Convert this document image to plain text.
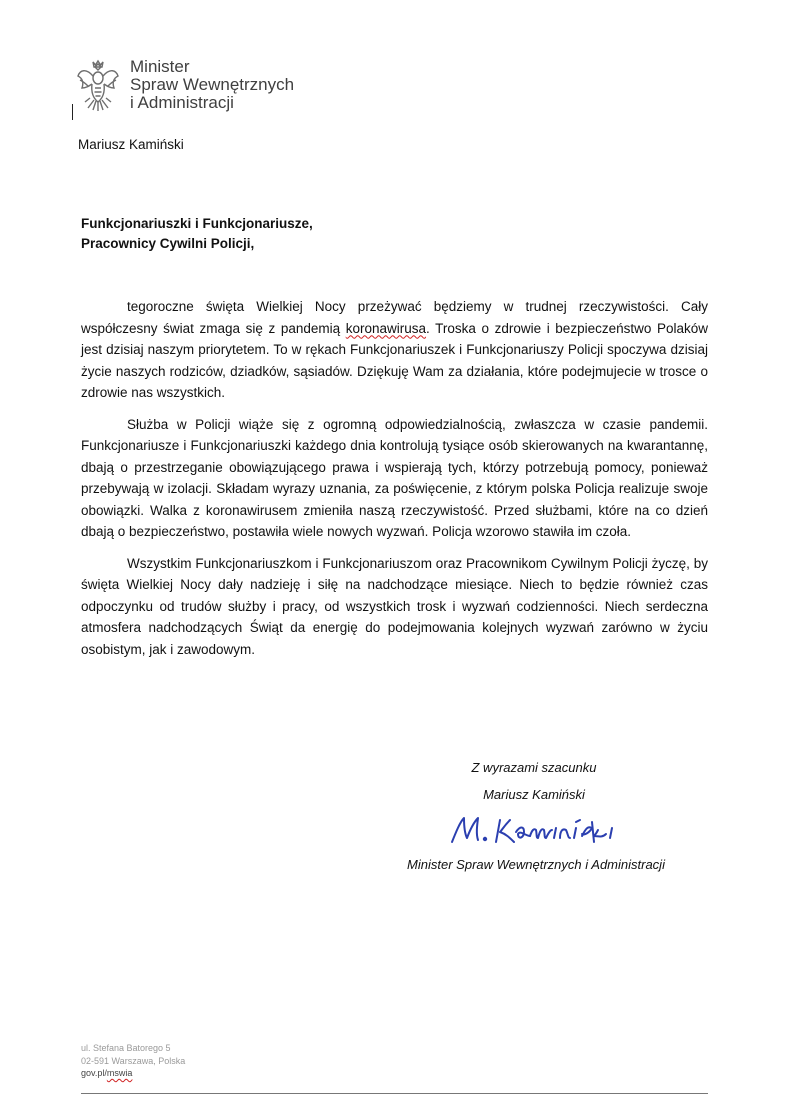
Minister
Spraw Wewnętrznych
i Administracji
Mariusz Kamiński
Funkcjonariuszki i Funkcjonariusze,
Pracownicy Cywilni Policji,

tegoroczne święta Wielkiej Nocy przeżywać będziemy w trudnej rzeczywistości. Cały współczesny świat zmaga się z pandemią koronawirusa. Troska o zdrowie i bezpieczeństwo Polaków jest dzisiaj naszym priorytetem. To w rękach Funkcjonariuszek i Funkcjonariuszy Policji spoczywa dzisiaj życie naszych rodziców, dziadków, sąsiadów. Dziękuję Wam za działania, które podejmujecie w trosce o zdrowie nas wszystkich.

Służba w Policji wiąże się z ogromną odpowiedzialnością, zwłaszcza w czasie pandemii. Funkcjonariusze i Funkcjonariuszki każdego dnia kontrolują tysiące osób skierowanych na kwarantannę, dbają o przestrzeganie obowiązującego prawa i wspierają tych, którzy potrzebują pomocy, ponieważ przebywają w izolacji. Składam wyrazy uznania, za poświęcenie, z którym polska Policja realizuje swoje obowiązki. Walka z koronawirusem zmieniła naszą rzeczywistość. Przed służbami, które na co dzień dbają o bezpieczeństwo, postawiła wiele nowych wyzwań. Policja wzorowo stawiła im czoła.

Wszystkim Funkcjonariuszkom i Funkcjonariuszom oraz Pracownikom Cywilnym Policji życzę, by święta Wielkiej Nocy dały nadzieję i siłę na nadchodzące miesiące. Niech to będzie również czas odpoczynku od trudów służby i pracy, od wszystkich trosk i wyzwań codzienności. Niech serdeczna atmosfera nadchodzących Świąt da energię do podejmowania kolejnych wyzwań zarówno w życiu osobistym, jak i zawodowym.

Z wyrazami szacunku
Mariusz Kamiński
Minister Spraw Wewnętrznych i Administracji
ul. Stefana Batorego 5
02-591 Warszawa, Polska
gov.pl/mswia
